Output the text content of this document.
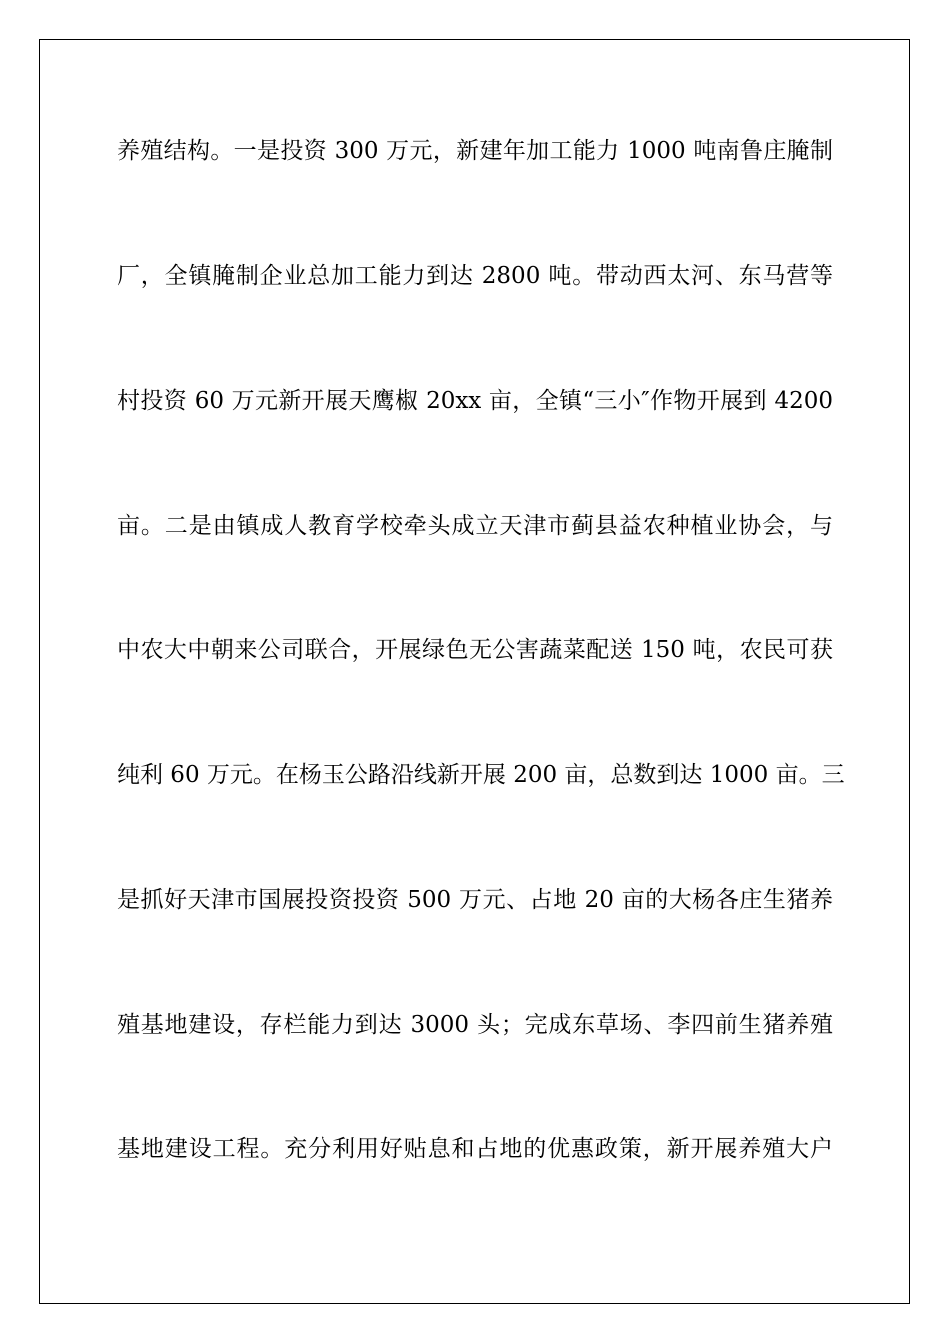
养殖结构。一是投资 300 万元，新建年加工能力 1000 吨南鲁庄腌制
厂，全镇腌制企业总加工能力到达 2800 吨。带动西太河、东马营等
村投资 60 万元新开展天鹰椒 20xx 亩，全镇“三小″作物开展到 4200
亩。二是由镇成人教育学校牵头成立天津市蓟县益农种植业协会，与
中农大中朝来公司联合，开展绿色无公害蔬菜配送 150 吨，农民可获
纯利 60 万元。在杨玉公路沿线新开展 200 亩，总数到达 1000 亩。三
是抓好天津市国展投资投资 500 万元、占地 20 亩的大杨各庄生猪养
殖基地建设，存栏能力到达 3000 头；完成东草场、李四前生猪养殖
基地建设工程。充分利用好贴息和占地的优惠政策，新开展养殖大户
